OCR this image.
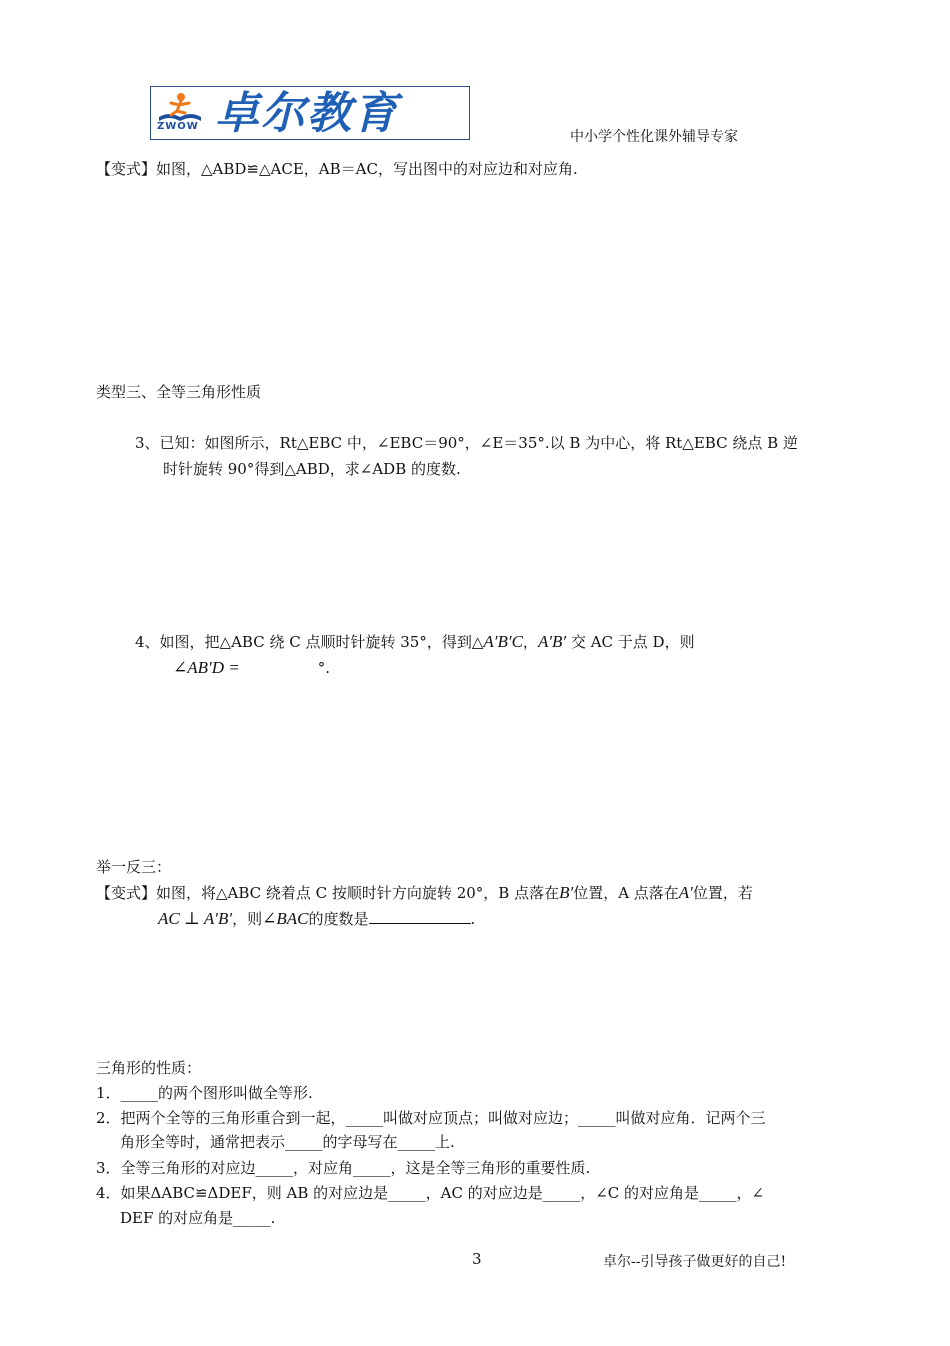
ZWOW 卓尔教育	中小学个性化课外辅导专家
【变式】如图，△ABD≌△ACE，AB＝AC，写出图中的对应边和对应角.
类型三、全等三角形性质
3、已知：如图所示，Rt△EBC 中，∠EBC＝90°，∠E＝35°.以 B 为中心，将 Rt△EBC 绕点 B 逆
时针旋转 90°得到△ABD，求∠ADB 的度数.
4、如图，把△ABC 绕 C 点顺时针旋转 35°，得到△A′B′C，A′B′ 交 AC 于点 D，则
∠AB′D =	°.
举一反三：
【变式】如图，将△ABC 绕着点 C 按顺时针方向旋转 20°，B 点落在B′位置，A 点落在A′位置，若
AC ⊥ A′B′，则∠BAC的度数是	.
三角形的性质：
1．_____的两个图形叫做全等形.
2．把两个全等的三角形重合到一起，_____叫做对应顶点；叫做对应边；_____叫做对应角．记两个三
角形全等时，通常把表示_____的字母写在_____上.
3．全等三角形的对应边_____，对应角_____，这是全等三角形的重要性质.
4．如果ΔABC≌ΔDEF，则 AB 的对应边是_____，AC 的对应边是_____，∠C 的对应角是_____，∠
DEF 的对应角是_____.
3	卓尔--引导孩子做更好的自己!
